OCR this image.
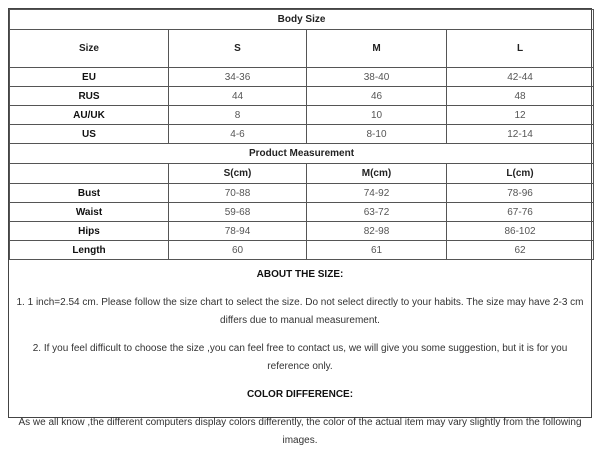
Body Size			
Size	S	M	L
EU	34-36	38-40	42-44
RUS	44	46	48
AU/UK	8	10	12
US	4-6	8-10	12-14
Product Measurement			
	S(cm)	M(cm)	L(cm)
Bust	70-88	74-92	78-96
Waist	59-68	63-72	67-76
Hips	78-94	82-98	86-102
Length	60	61	62

ABOUT THE SIZE:

1. 1 inch=2.54 cm. Please follow the size chart to select the size. Do not select directly to your habits. The size may have 2-3 cm differs due to manual measurement.

2. If you feel difficult to choose the size ,you can feel free to contact us, we will give you some suggestion, but it is for you reference only.

COLOR DIFFERENCE:

As we all know ,the different computers display colors differently, the color of the actual item may vary slightly from the following images.
